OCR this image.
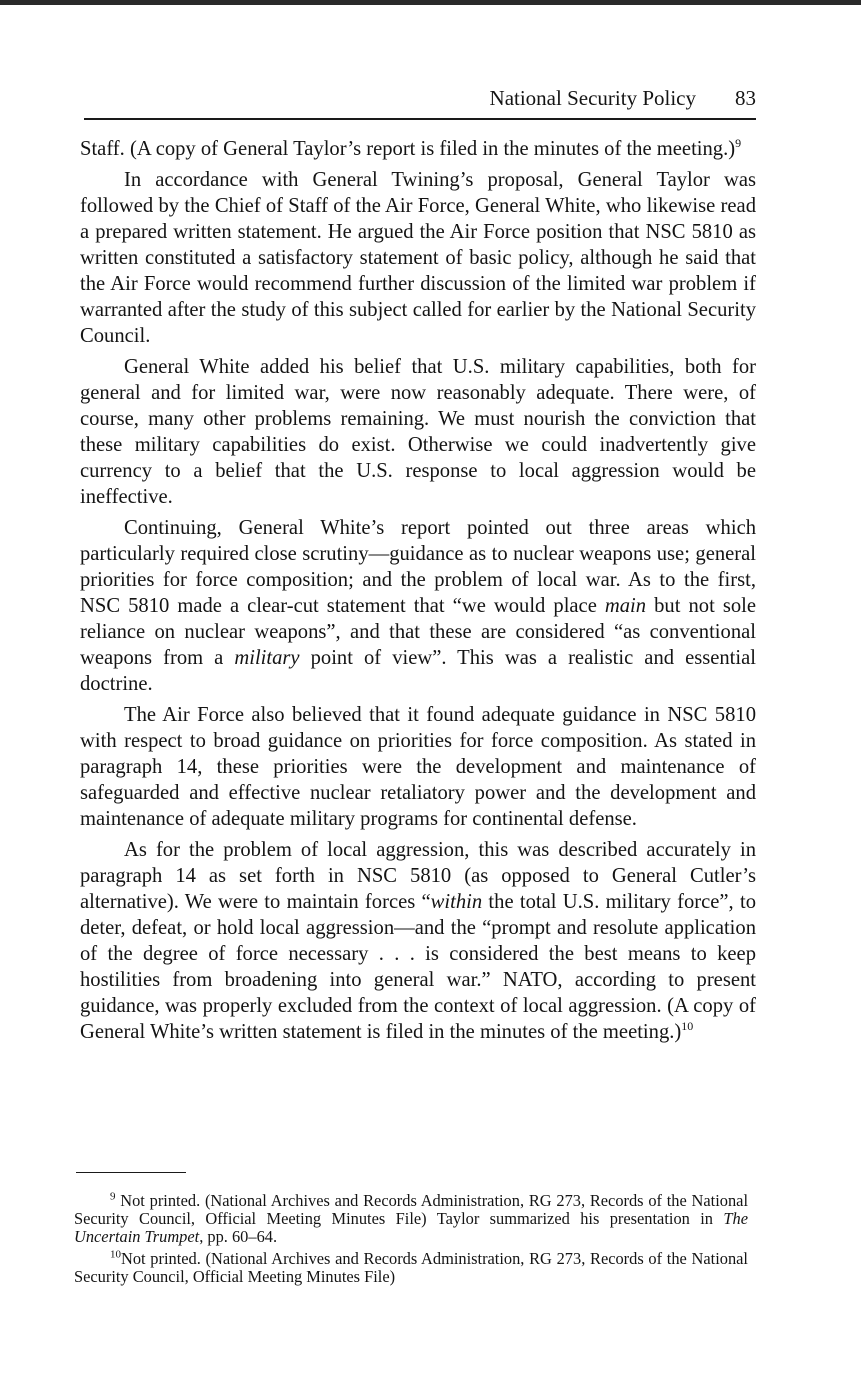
National Security Policy 83

Staff. (A copy of General Taylor’s report is filed in the minutes of the meeting.)$^9$

In accordance with General Twining’s proposal, General Taylor was followed by the Chief of Staff of the Air Force, General White, who likewise read a prepared written statement. He argued the Air Force position that NSC 5810 as written constituted a satisfactory statement of basic policy, although he said that the Air Force would recommend further discussion of the limited war problem if warranted after the study of this subject called for earlier by the National Security Council.

General White added his belief that U.S. military capabilities, both for general and for limited war, were now reasonably adequate. There were, of course, many other problems remaining. We must nourish the conviction that these military capabilities do exist. Otherwise we could inadvertently give currency to a belief that the U.S. response to local aggression would be ineffective.

Continuing, General White’s report pointed out three areas which particularly required close scrutiny—guidance as to nuclear weapons use; general priorities for force composition; and the problem of local war. As to the first, NSC 5810 made a clear-cut statement that “we would place main but not sole reliance on nuclear weapons”, and that these are considered “as conventional weapons from a military point of view”. This was a realistic and essential doctrine.

The Air Force also believed that it found adequate guidance in NSC 5810 with respect to broad guidance on priorities for force composition. As stated in paragraph 14, these priorities were the development and maintenance of safeguarded and effective nuclear retaliatory power and the development and maintenance of adequate military programs for continental defense.

As for the problem of local aggression, this was described accurately in paragraph 14 as set forth in NSC 5810 (as opposed to General Cutler’s alternative). We were to maintain forces “within the total U.S. military force”, to deter, defeat, or hold local aggression—and the “prompt and resolute application of the degree of force necessary . . . is considered the best means to keep hostilities from broadening into general war.” NATO, according to present guidance, was properly excluded from the context of local aggression. (A copy of General White’s written statement is filed in the minutes of the meeting.)$^{10}$

$^9$ Not printed. (National Archives and Records Administration, RG 273, Records of the National Security Council, Official Meeting Minutes File) Taylor summarized his presentation in The Uncertain Trumpet, pp. 60–64.

$^{10}$Not printed. (National Archives and Records Administration, RG 273, Records of the National Security Council, Official Meeting Minutes File)
